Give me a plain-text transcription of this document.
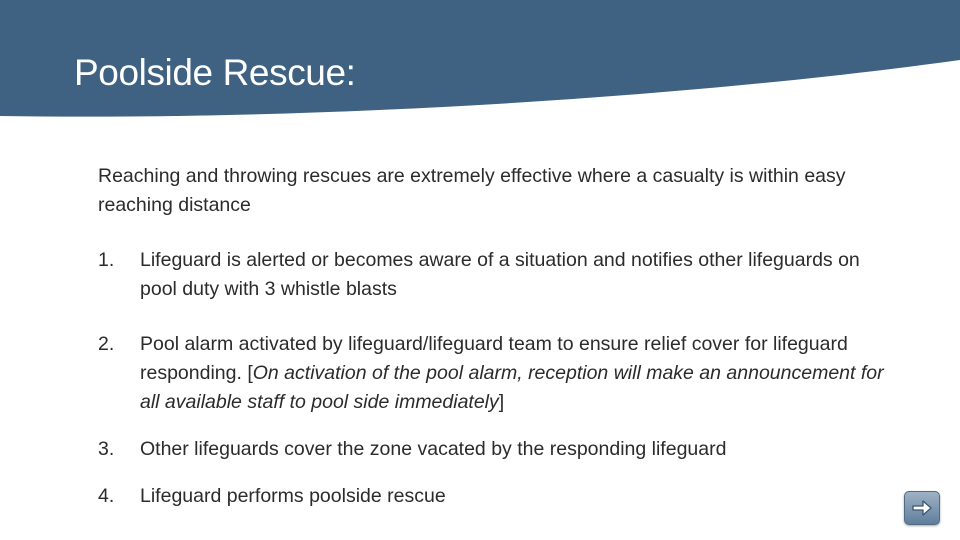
Poolside Rescue:

Reaching and throwing rescues are extremely effective where a casualty is within easy reaching distance

1. Lifeguard is alerted or becomes aware of a situation and notifies other lifeguards on pool duty with 3 whistle blasts
2. Pool alarm activated by lifeguard/lifeguard team to ensure relief cover for lifeguard responding. [On activation of the pool alarm, reception will make an announcement for all available staff to pool side immediately]
3. Other lifeguards cover the zone vacated by the responding lifeguard
4. Lifeguard performs poolside rescue
